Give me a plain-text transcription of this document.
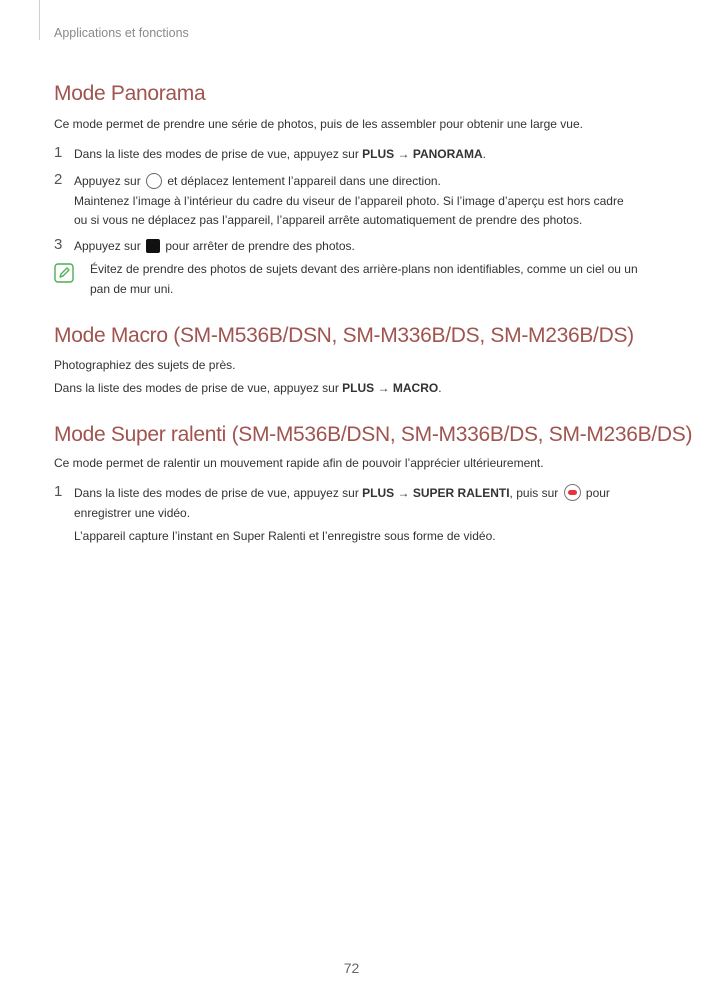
Applications et fonctions
Mode Panorama
Ce mode permet de prendre une série de photos, puis de les assembler pour obtenir une large vue.
1 Dans la liste des modes de prise de vue, appuyez sur PLUS → PANORAMA.
2 Appuyez sur  et déplacez lentement l’appareil dans une direction.
Maintenez l’image à l’intérieur du cadre du viseur de l’appareil photo. Si l’image d’aperçu est hors cadre
ou si vous ne déplacez pas l’appareil, l’appareil arrête automatiquement de prendre des photos.
3 Appuyez sur  pour arrêter de prendre des photos.
Évitez de prendre des photos de sujets devant des arrière-plans non identifiables, comme un ciel ou un pan de mur uni.
Mode Macro (SM-M536B/DSN, SM-M336B/DS, SM-M236B/DS)
Photographiez des sujets de près.
Dans la liste des modes de prise de vue, appuyez sur PLUS → MACRO.
Mode Super ralenti (SM-M536B/DSN, SM-M336B/DS, SM-M236B/DS)
Ce mode permet de ralentir un mouvement rapide afin de pouvoir l’apprécier ultérieurement.
1 Dans la liste des modes de prise de vue, appuyez sur PLUS → SUPER RALENTI, puis sur  pour
enregistrer une vidéo.
L’appareil capture l’instant en Super Ralenti et l’enregistre sous forme de vidéo.
72
